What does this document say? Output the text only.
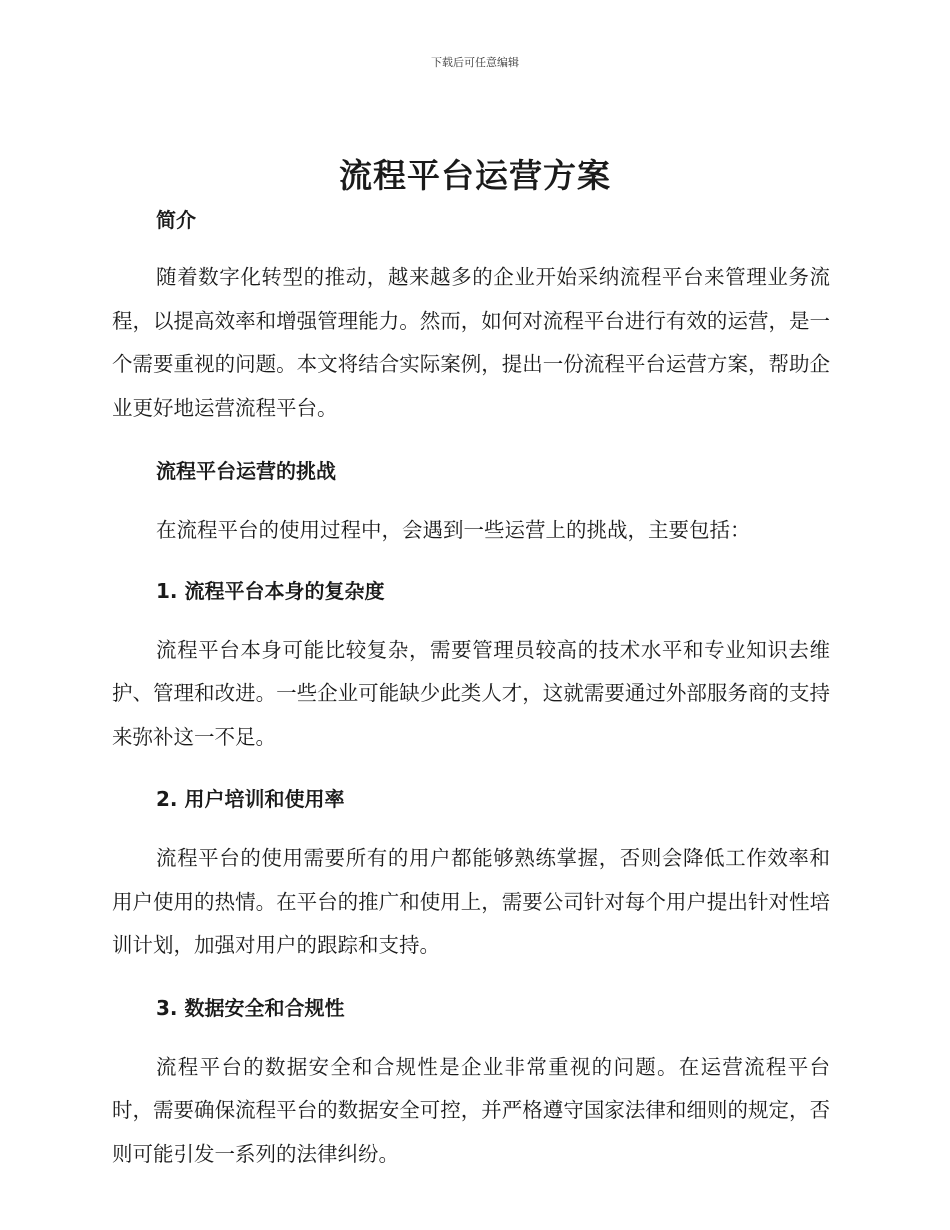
下载后可任意编辑
流程平台运营方案

简介

随着数字化转型的推动，越来越多的企业开始采纳流程平台来管理业务流程，以提高效率和增强管理能力。然而，如何对流程平台进行有效的运营，是一个需要重视的问题。本文将结合实际案例，提出一份流程平台运营方案，帮助企业更好地运营流程平台。

流程平台运营的挑战

在流程平台的使用过程中，会遇到一些运营上的挑战，主要包括：

1. 流程平台本身的复杂度

流程平台本身可能比较复杂，需要管理员较高的技术水平和专业知识去维护、管理和改进。一些企业可能缺少此类人才，这就需要通过外部服务商的支持来弥补这一不足。

2. 用户培训和使用率

流程平台的使用需要所有的用户都能够熟练掌握，否则会降低工作效率和用户使用的热情。在平台的推广和使用上，需要公司针对每个用户提出针对性培训计划，加强对用户的跟踪和支持。

3. 数据安全和合规性

流程平台的数据安全和合规性是企业非常重视的问题。在运营流程平台时，需要确保流程平台的数据安全可控，并严格遵守国家法律和细则的规定，否则可能引发一系列的法律纠纷。
